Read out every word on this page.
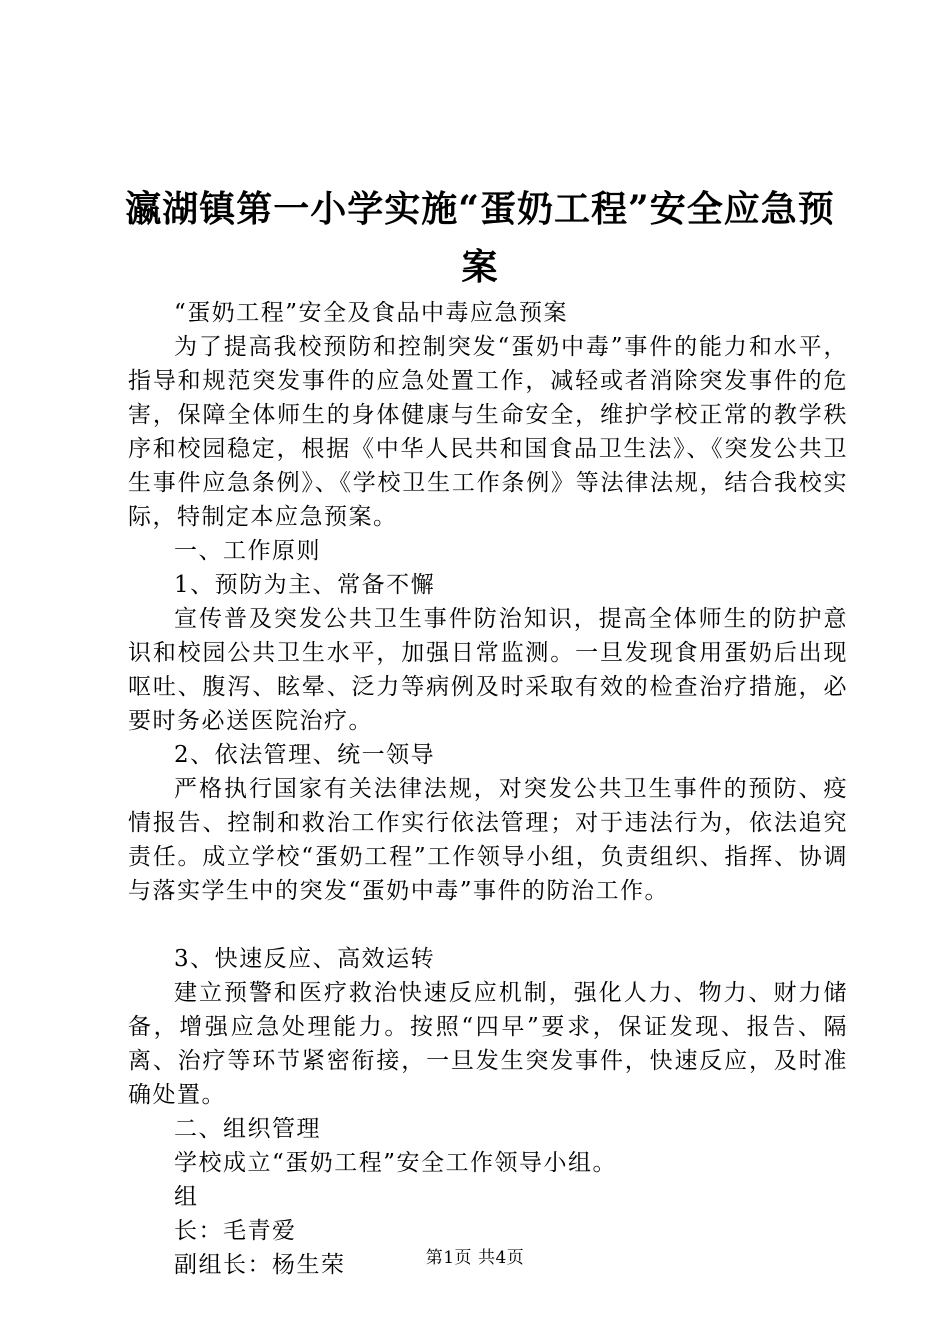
瀛湖镇第一小学实施“蛋奶工程”安全应急预案

“蛋奶工程”安全及食品中毒应急预案

为了提高我校预防和控制突发“蛋奶中毒”事件的能力和水平，指导和规范突发事件的应急处置工作，减轻或者消除突发事件的危害，保障全体师生的身体健康与生命安全，维护学校正常的教学秩序和校园稳定，根据《中华人民共和国食品卫生法》、《突发公共卫生事件应急条例》、《学校卫生工作条例》等法律法规，结合我校实际，特制定本应急预案。

一、工作原则

1、预防为主、常备不懈

宣传普及突发公共卫生事件防治知识，提高全体师生的防护意识和校园公共卫生水平，加强日常监测。一旦发现食用蛋奶后出现呕吐、腹泻、眩晕、泛力等病例及时采取有效的检查治疗措施，必要时务必送医院治疗。

2、依法管理、统一领导

严格执行国家有关法律法规，对突发公共卫生事件的预防、疫情报告、控制和救治工作实行依法管理；对于违法行为，依法追究责任。成立学校“蛋奶工程”工作领导小组，负责组织、指挥、协调与落实学生中的突发“蛋奶中毒”事件的防治工作。

3、快速反应、高效运转

建立预警和医疗救治快速反应机制，强化人力、物力、财力储备，增强应急处理能力。按照“四早”要求，保证发现、报告、隔离、治疗等环节紧密衔接，一旦发生突发事件，快速反应，及时准确处置。

二、组织管理

学校成立“蛋奶工程”安全工作领导小组。

组

长：毛青爱

副组长：杨生荣	第1页 共4页
